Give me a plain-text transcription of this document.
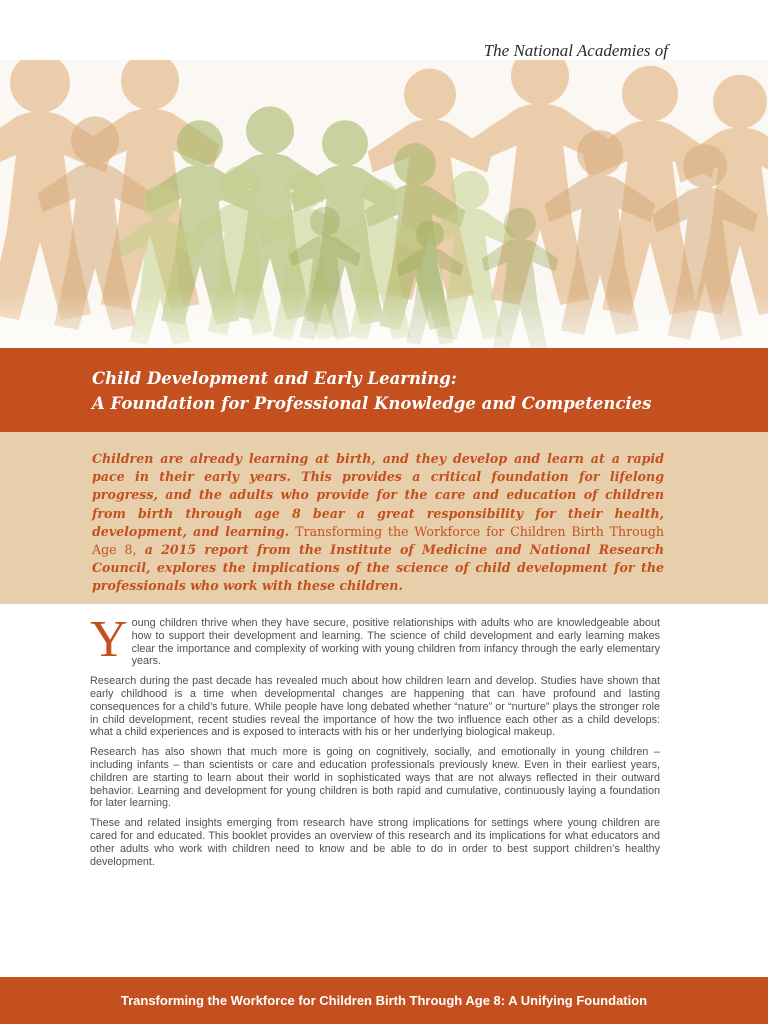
The National Academies of
Child Development and Early Learning:
A Foundation for Professional Knowledge and Competencies

Children are already learning at birth, and they develop and learn at a rapid pace in their early years. This provides a critical foundation for lifelong progress, and the adults who provide for the care and education of children from birth through age 8 bear a great responsibility for their health, development, and learning. Transforming the Workforce for Children Birth Through Age 8, a 2015 report from the Institute of Medicine and National Research Council, explores the implications of the science of child development for the professionals who work with these children.

Young children thrive when they have secure, positive relationships with adults who are knowledgeable about how to support their development and learning. The science of child development and early learning makes clear the importance and complexity of working with young children from infancy through the early elementary years.

Research during the past decade has revealed much about how children learn and develop. Studies have shown that early childhood is a time when developmental changes are happening that can have profound and lasting consequences for a child’s future. While people have long debated whether “nature” or “nurture” plays the stronger role in child development, recent studies reveal the importance of how the two influence each other as a child develops: what a child experiences and is exposed to interacts with his or her underlying biological makeup.

Research has also shown that much more is going on cognitively, socially, and emotionally in young children – including infants – than scientists or care and education professionals previously knew. Even in their earliest years, children are starting to learn about their world in sophisticated ways that are not always reflected in their outward behavior. Learning and development for young children is both rapid and cumulative, continuously laying a foundation for later learning.

These and related insights emerging from research have strong implications for settings where young children are cared for and educated. This booklet provides an overview of this research and its implications for what educators and other adults who work with children need to know and be able to do in order to best support children’s healthy development.

Transforming the Workforce for Children Birth Through Age 8: A Unifying Foundation
